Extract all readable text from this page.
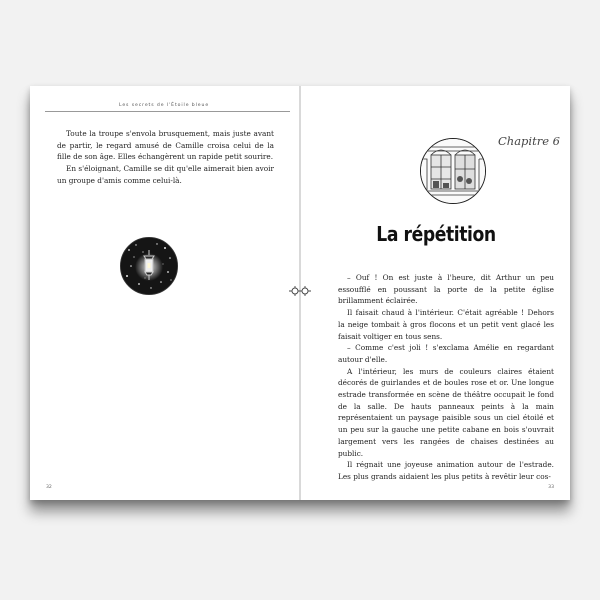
Les secrets de l'Étoile bleue

Toute la troupe s'envola brusquement, mais juste avant de partir, le regard amusé de Camille croisa celui de la fille de son âge. Elles échangèrent un rapide petit sourire.

En s'éloignant, Camille se dit qu'elle aimerait bien avoir un groupe d'amis comme celui-là.

32
Chapitre 6
La répétition

– Ouf ! On est juste à l'heure, dit Arthur un peu essoufflé en poussant la porte de la petite église brillamment éclairée.

Il faisait chaud à l'intérieur. C'était agréable ! Dehors la neige tombait à gros flocons et un petit vent glacé les faisait voltiger en tous sens.

– Comme c'est joli ! s'exclama Amélie en regardant autour d'elle.

A l'intérieur, les murs de couleurs claires étaient décorés de guirlandes et de boules rose et or. Une longue estrade transformée en scène de théâtre occupait le fond de la salle. De hauts panneaux peints à la main représentaient un paysage paisible sous un ciel étoilé et un peu sur la gauche une petite cabane en bois s'ouvrait largement vers les rangées de chaises destinées au public.

Il régnait une joyeuse animation autour de l'estrade. Les plus grands aidaient les plus petits à revêtir leur cos-

33
